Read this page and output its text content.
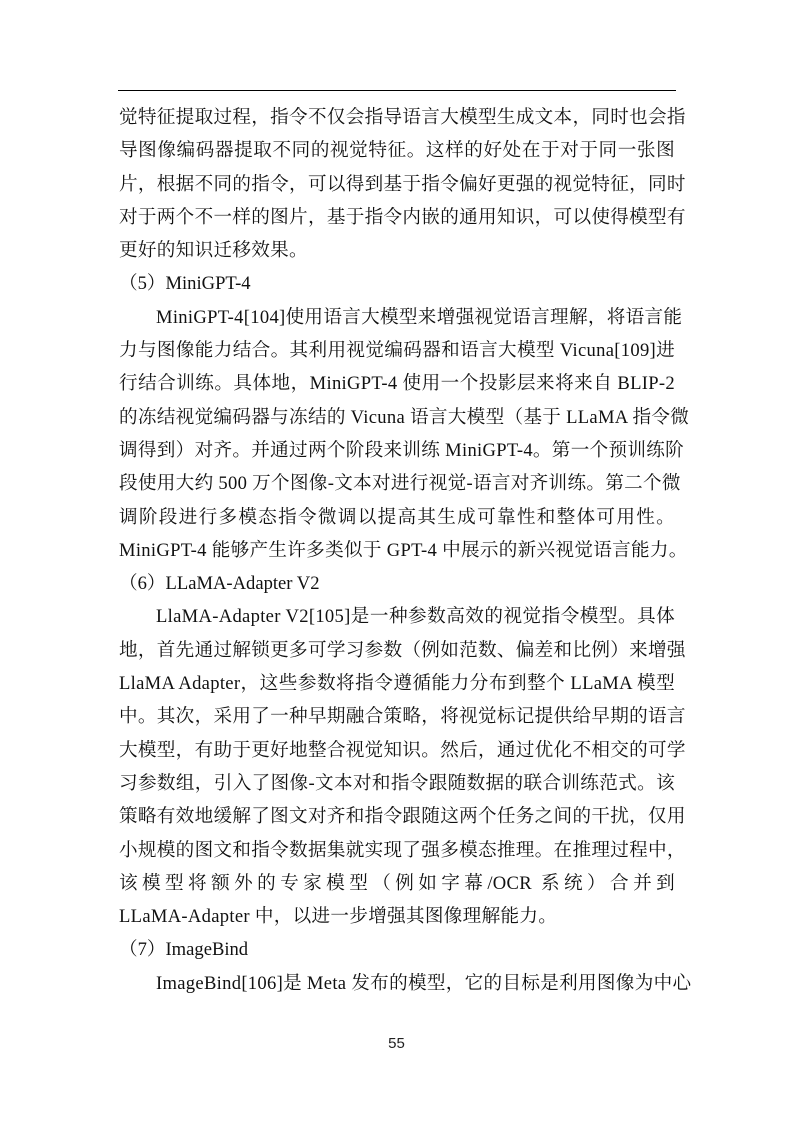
觉特征提取过程，指令不仅会指导语言大模型生成文本，同时也会指
导图像编码器提取不同的视觉特征。这样的好处在于对于同一张图
片，根据不同的指令，可以得到基于指令偏好更强的视觉特征，同时
对于两个不一样的图片，基于指令内嵌的通用知识，可以使得模型有
更好的知识迁移效果。
（5）MiniGPT-4
MiniGPT-4[104]使用语言大模型来增强视觉语言理解，将语言能
力与图像能力结合。其利用视觉编码器和语言大模型 Vicuna[109]进
行结合训练。具体地，MiniGPT-4 使用一个投影层来将来自 BLIP-2
的冻结视觉编码器与冻结的 Vicuna 语言大模型（基于 LLaMA 指令微
调得到）对齐。并通过两个阶段来训练 MiniGPT-4。第一个预训练阶
段使用大约 500 万个图像-文本对进行视觉-语言对齐训练。第二个微
调阶段进行多模态指令微调以提高其生成可靠性和整体可用性。
MiniGPT-4 能够产生许多类似于 GPT-4 中展示的新兴视觉语言能力。
（6）LLaMA-Adapter V2
LlaMA-Adapter V2[105]是一种参数高效的视觉指令模型。具体
地，首先通过解锁更多可学习参数（例如范数、偏差和比例）来增强
LlaMA Adapter，这些参数将指令遵循能力分布到整个 LLaMA 模型
中。其次，采用了一种早期融合策略，将视觉标记提供给早期的语言
大模型，有助于更好地整合视觉知识。然后，通过优化不相交的可学
习参数组，引入了图像-文本对和指令跟随数据的联合训练范式。该
策略有效地缓解了图文对齐和指令跟随这两个任务之间的干扰，仅用
小规模的图文和指令数据集就实现了强多模态推理。在推理过程中，
该模型将额外的专家模型（例如字幕/OCR 系统）合并到
LLaMA-Adapter 中，以进一步增强其图像理解能力。
（7）ImageBind
ImageBind[106]是 Meta 发布的模型，它的目标是利用图像为中心
55
